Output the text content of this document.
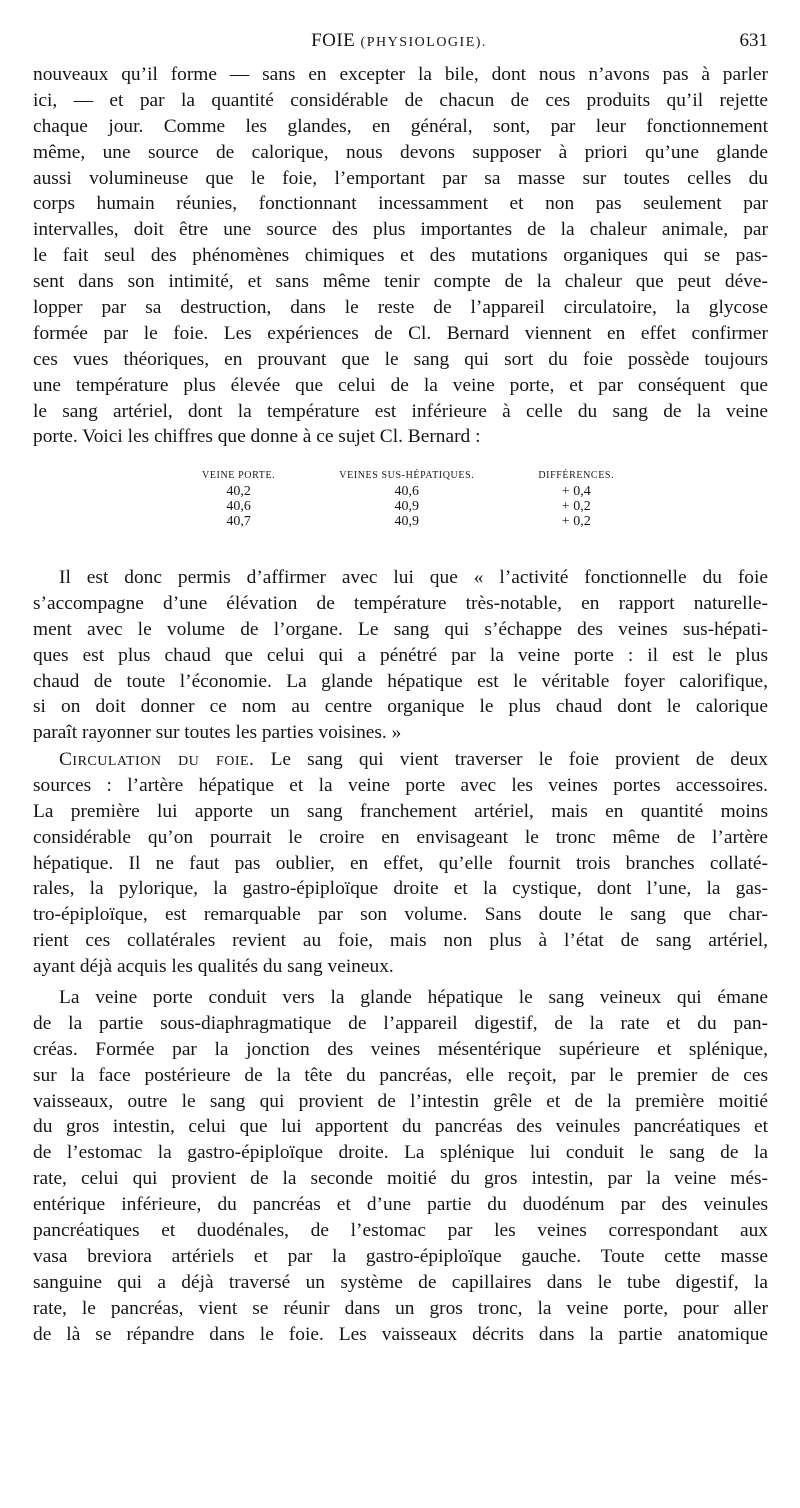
FOIE (PHYSIOLOGIE).	631
nouveaux qu’il forme — sans en excepter la bile, dont nous n’avons pas à parler
ici, — et par la quantité considérable de chacun de ces produits qu’il rejette
chaque jour. Comme les glandes, en général, sont, par leur fonctionnement
même, une source de calorique, nous devons supposer à priori qu’une glande
aussi volumineuse que le foie, l’emportant par sa masse sur toutes celles du
corps humain réunies, fonctionnant incessamment et non pas seulement par
intervalles, doit être une source des plus importantes de la chaleur animale, par
le fait seul des phénomènes chimiques et des mutations organiques qui se pas-
sent dans son intimité, et sans même tenir compte de la chaleur que peut déve-
lopper par sa destruction, dans le reste de l’appareil circulatoire, la glycose
formée par le foie. Les expériences de Cl. Bernard viennent en effet confirmer
ces vues théoriques, en prouvant que le sang qui sort du foie possède toujours
une température plus élevée que celui de la veine porte, et par conséquent que
le sang artériel, dont la température est inférieure à celle du sang de la veine
porte. Voici les chiffres que donne à ce sujet Cl. Bernard :
VEINE PORTE.	VEINES SUS-HÉPATIQUES.	DIFFÉRENCES.
40,2	40,6	+ 0,4
40,6	40,9	+ 0,2
40,7	40,9	+ 0,2
Il est donc permis d’affirmer avec lui que « l’activité fonctionnelle du foie
s’accompagne d’une élévation de température très-notable, en rapport naturelle-
ment avec le volume de l’organe. Le sang qui s’échappe des veines sus-hépati-
ques est plus chaud que celui qui a pénétré par la veine porte : il est le plus
chaud de toute l’économie. La glande hépatique est le véritable foyer calorifique,
si on doit donner ce nom au centre organique le plus chaud dont le calorique
paraît rayonner sur toutes les parties voisines. »
Circulation du foie. Le sang qui vient traverser le foie provient de deux
sources : l’artère hépatique et la veine porte avec les veines portes accessoires.
La première lui apporte un sang franchement artériel, mais en quantité moins
considérable qu’on pourrait le croire en envisageant le tronc même de l’artère
hépatique. Il ne faut pas oublier, en effet, qu’elle fournit trois branches collaté-
rales, la pylorique, la gastro-épiploïque droite et la cystique, dont l’une, la gas-
tro-épiploïque, est remarquable par son volume. Sans doute le sang que char-
rient ces collatérales revient au foie, mais non plus à l’état de sang artériel,
ayant déjà acquis les qualités du sang veineux.
La veine porte conduit vers la glande hépatique le sang veineux qui émane
de la partie sous-diaphragmatique de l’appareil digestif, de la rate et du pan-
créas. Formée par la jonction des veines mésentérique supérieure et splénique,
sur la face postérieure de la tête du pancréas, elle reçoit, par le premier de ces
vaisseaux, outre le sang qui provient de l’intestin grêle et de la première moitié
du gros intestin, celui que lui apportent du pancréas des veinules pancréatiques et
de l’estomac la gastro-épiploïque droite. La splénique lui conduit le sang de la
rate, celui qui provient de la seconde moitié du gros intestin, par la veine més-
entérique inférieure, du pancréas et d’une partie du duodénum par des veinules
pancréatiques et duodénales, de l’estomac par les veines correspondant aux
vasa breviora artériels et par la gastro-épiploïque gauche. Toute cette masse
sanguine qui a déjà traversé un système de capillaires dans le tube digestif, la
rate, le pancréas, vient se réunir dans un gros tronc, la veine porte, pour aller
de là se répandre dans le foie. Les vaisseaux décrits dans la partie anatomique
